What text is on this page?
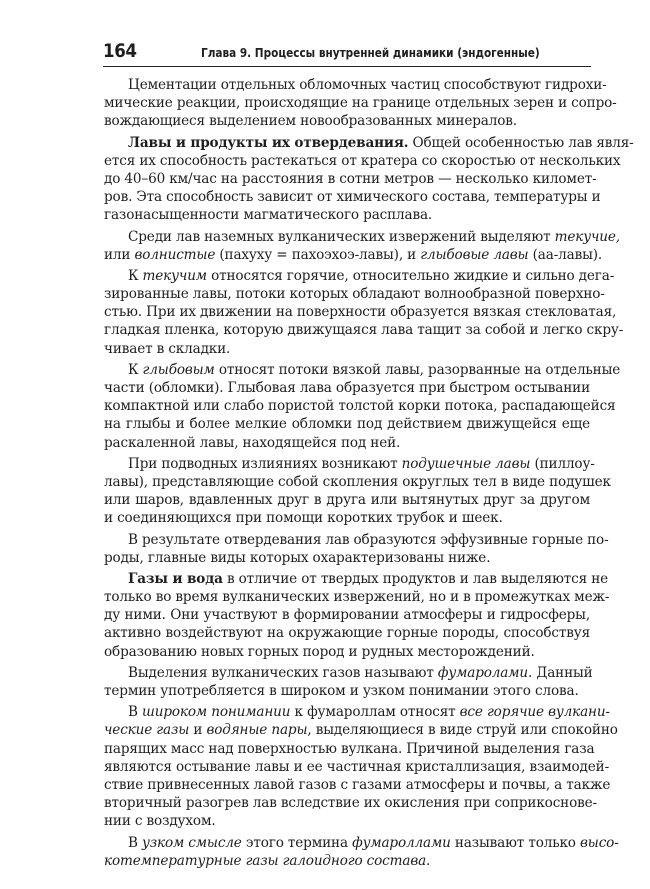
164	Глава 9. Процессы внутренней динамики (эндогенные)
Цементации отдельных обломочных частиц способствуют гидрохи-
мические реакции, происходящие на границе отдельных зерен и сопро-
вождающиеся выделением новообразованных минералов.
Лавы и продукты их отвердевания. Общей особенностью лав явля-
ется их способность растекаться от кратера со скоростью от нескольких
до 40–60 км/час на расстояния в сотни метров — несколько километ-
ров. Эта способность зависит от химического состава, температуры и
газонасыщенности магматического расплава.
Среди лав наземных вулканических извержений выделяют текучие,
или волнистые (пахуху = пахоэхоэ-лавы), и глыбовые лавы (аа-лавы).
К текучим относятся горячие, относительно жидкие и сильно дега-
зированные лавы, потоки которых обладают волнообразной поверхно-
стью. При их движении на поверхности образуется вязкая стекловатая,
гладкая пленка, которую движущаяся лава тащит за собой и легко скру-
чивает в складки.
К глыбовым относят потоки вязкой лавы, разорванные на отдельные
части (обломки). Глыбовая лава образуется при быстром остывании
компактной или слабо пористой толстой корки потока, распадающейся
на глыбы и более мелкие обломки под действием движущейся еще
раскаленной лавы, находящейся под ней.
При подводных излияниях возникают подушечные лавы (пиллоу-
лавы), представляющие собой скопления округлых тел в виде подушек
или шаров, вдавленных друг в друга или вытянутых друг за другом
и соединяющихся при помощи коротких трубок и шеек.
В результате отвердевания лав образуются эффузивные горные по-
роды, главные виды которых охарактеризованы ниже.
Газы и вода в отличие от твердых продуктов и лав выделяются не
только во время вулканических извержений, но и в промежутках меж-
ду ними. Они участвуют в формировании атмосферы и гидросферы,
активно воздействуют на окружающие горные породы, способствуя
образованию новых горных пород и рудных месторождений.
Выделения вулканических газов называют фумаролами. Данный
термин употребляется в широком и узком понимании этого слова.
В широком понимании к фумароллам относят все горячие вулкани-
ческие газы и водяные пары, выделяющиеся в виде струй или спокойно
парящих масс над поверхностью вулкана. Причиной выделения газа
являются остывание лавы и ее частичная кристаллизация, взаимодей-
ствие привнесенных лавой газов с газами атмосферы и почвы, а также
вторичный разогрев лав вследствие их окисления при соприкоснове-
нии с воздухом.
В узком смысле этого термина фумароллами называют только высо-
котемпературные газы галоидного состава.
